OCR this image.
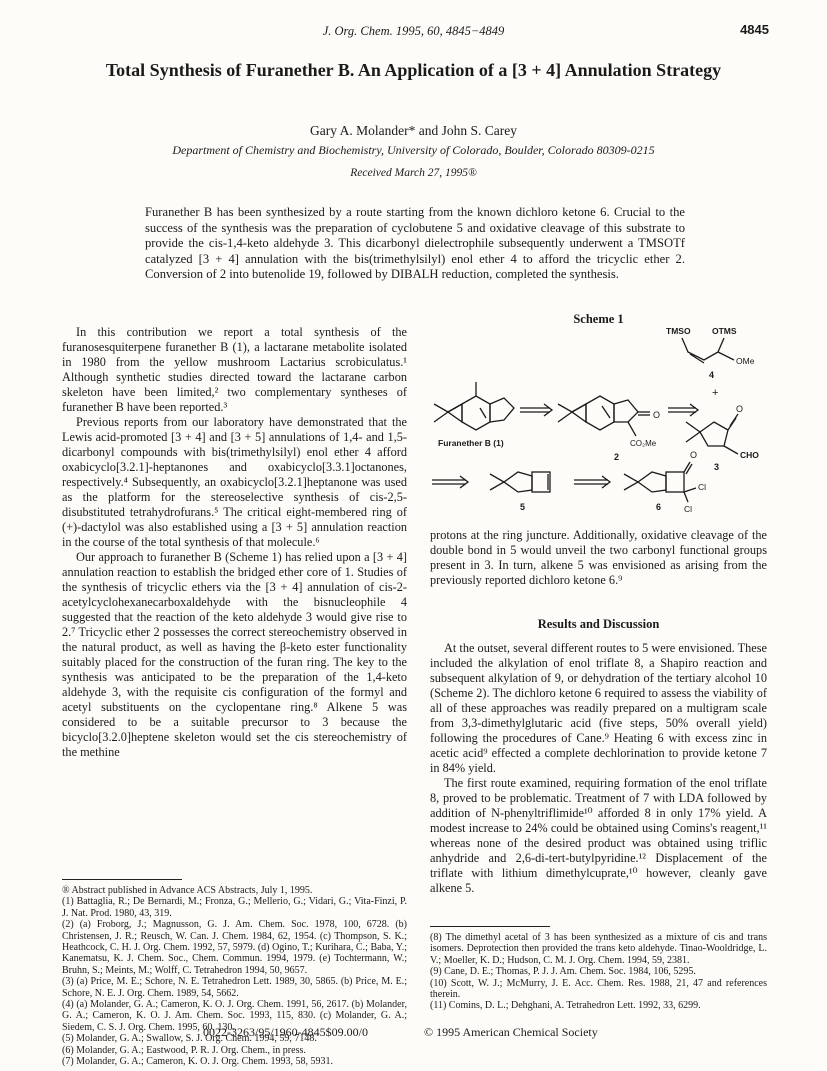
J. Org. Chem. 1995, 60, 4845−4849	4845
Total Synthesis of Furanether B. An Application of a [3 + 4] Annulation Strategy
Gary A. Molander* and John S. Carey
Department of Chemistry and Biochemistry, University of Colorado, Boulder, Colorado 80309-0215
Received March 27, 1995®
Furanether B has been synthesized by a route starting from the known dichloro ketone 6. Crucial to the success of the synthesis was the preparation of cyclobutene 5 and oxidative cleavage of this substrate to provide the cis-1,4-keto aldehyde 3. This dicarbonyl dielectrophile subsequently underwent a TMSOTf catalyzed [3 + 4] annulation with the bis(trimethylsilyl) enol ether 4 to afford the tricyclic ether 2. Conversion of 2 into butenolide 19, followed by DIBALH reduction, completed the synthesis.

In this contribution we report a total synthesis of the furanosesquiterpene furanether B (1), a lactarane metabolite isolated in 1980 from the yellow mushroom Lactarius scrobiculatus.¹ Although synthetic studies directed toward the lactarane carbon skeleton have been limited,² two complementary syntheses of furanether B have been reported.³

Previous reports from our laboratory have demonstrated that the Lewis acid-promoted [3 + 4] and [3 + 5] annulations of 1,4- and 1,5-dicarbonyl compounds with bis(trimethylsilyl) enol ether 4 afford oxabicyclo[3.2.1]-heptanones and oxabicyclo[3.3.1]octanones, respectively.⁴ Subsequently, an oxabicyclo[3.2.1]heptanone was used as the platform for the stereoselective synthesis of cis-2,5-disubstituted tetrahydrofurans.⁵ The critical eight-membered ring of (+)-dactylol was also established using a [3 + 5] annulation reaction in the course of the total synthesis of that molecule.⁶

Our approach to furanether B (Scheme 1) has relied upon a [3 + 4] annulation reaction to establish the bridged ether core of 1. Studies of the synthesis of tricyclic ethers via the [3 + 4] annulation of cis-2-acetylcyclohexanecarboxaldehyde with the bisnucleophile 4 suggested that the reaction of the keto aldehyde 3 would give rise to 2.⁷ Tricyclic ether 2 possesses the correct stereochemistry observed in the natural product, as well as having the β-keto ester functionality suitably placed for the construction of the furan ring. The key to the synthesis was anticipated to be the preparation of the 1,4-keto aldehyde 3, with the requisite cis configuration of the formyl and acetyl substituents on the cyclopentane ring.⁸ Alkene 5 was considered to be a suitable precursor to 3 because the bicyclo[3.2.0]heptene skeleton would set the cis stereochemistry of the methine

Scheme 1
Furanether B (1)
O
CO₂Me
2
TMSO	OTMS
OMe
4
+
O
CHO
3
5
O
Cl
Cl
6
protons at the ring juncture. Additionally, oxidative cleavage of the double bond in 5 would unveil the two carbonyl functional groups present in 3. In turn, alkene 5 was envisioned as arising from the previously reported dichloro ketone 6.⁹
Results and Discussion

At the outset, several different routes to 5 were envisioned. These included the alkylation of enol triflate 8, a Shapiro reaction and subsequent alkylation of 9, or dehydration of the tertiary alcohol 10 (Scheme 2). The dichloro ketone 6 required to assess the viability of all of these approaches was readily prepared on a multigram scale from 3,3-dimethylglutaric acid (five steps, 50% overall yield) following the procedures of Cane.⁹ Heating 6 with excess zinc in acetic acid⁹ effected a complete dechlorination to provide ketone 7 in 84% yield.

The first route examined, requiring formation of the enol triflate 8, proved to be problematic. Treatment of 7 with LDA followed by addition of N-phenyltriflimide¹⁰ afforded 8 in only 17% yield. A modest increase to 24% could be obtained using Comins's reagent,¹¹ whereas none of the desired product was obtained using triflic anhydride and 2,6-di-tert-butylpyridine.¹² Displacement of the triflate with lithium dimethylcuprate,¹⁰ however, cleanly gave alkene 5.

® Abstract published in Advance ACS Abstracts, July 1, 1995.

(1) Battaglia, R.; De Bernardi, M.; Fronza, G.; Mellerio, G.; Vidari, G.; Vita-Finzi, P. J. Nat. Prod. 1980, 43, 319.

(2) (a) Froborg, J.; Magnusson, G. J. Am. Chem. Soc. 1978, 100, 6728. (b) Christensen, J. R.; Reusch, W. Can. J. Chem. 1984, 62, 1954. (c) Thompson, S. K.; Heathcock, C. H. J. Org. Chem. 1992, 57, 5979. (d) Ogino, T.; Kurihara, C.; Baba, Y.; Kanematsu, K. J. Chem. Soc., Chem. Commun. 1994, 1979. (e) Tochtermann, W.; Bruhn, S.; Meints, M.; Wolff, C. Tetrahedron 1994, 50, 9657.

(3) (a) Price, M. E.; Schore, N. E. Tetrahedron Lett. 1989, 30, 5865. (b) Price, M. E.; Schore, N. E. J. Org. Chem. 1989, 54, 5662.

(4) (a) Molander, G. A.; Cameron, K. O. J. Org. Chem. 1991, 56, 2617. (b) Molander, G. A.; Cameron, K. O. J. Am. Chem. Soc. 1993, 115, 830. (c) Molander, G. A.; Siedem, C. S. J. Org. Chem. 1995, 60, 130.

(5) Molander, G. A.; Swallow, S. J. Org. Chem. 1994, 59, 7148.

(6) Molander, G. A.; Eastwood, P. R. J. Org. Chem., in press.

(7) Molander, G. A.; Cameron, K. O. J. Org. Chem. 1993, 58, 5931.

(8) The dimethyl acetal of 3 has been synthesized as a mixture of cis and trans isomers. Deprotection then provided the trans keto aldehyde. Tinao-Wooldridge, L. V.; Moeller, K. D.; Hudson, C. M. J. Org. Chem. 1994, 59, 2381.

(9) Cane, D. E.; Thomas, P. J. J. Am. Chem. Soc. 1984, 106, 5295.

(10) Scott, W. J.; McMurry, J. E. Acc. Chem. Res. 1988, 21, 47 and references therein.

(11) Comins, D. L.; Dehghani, A. Tetrahedron Lett. 1992, 33, 6299.

0022-3263/95/1960-4845$09.00/0	© 1995 American Chemical Society
